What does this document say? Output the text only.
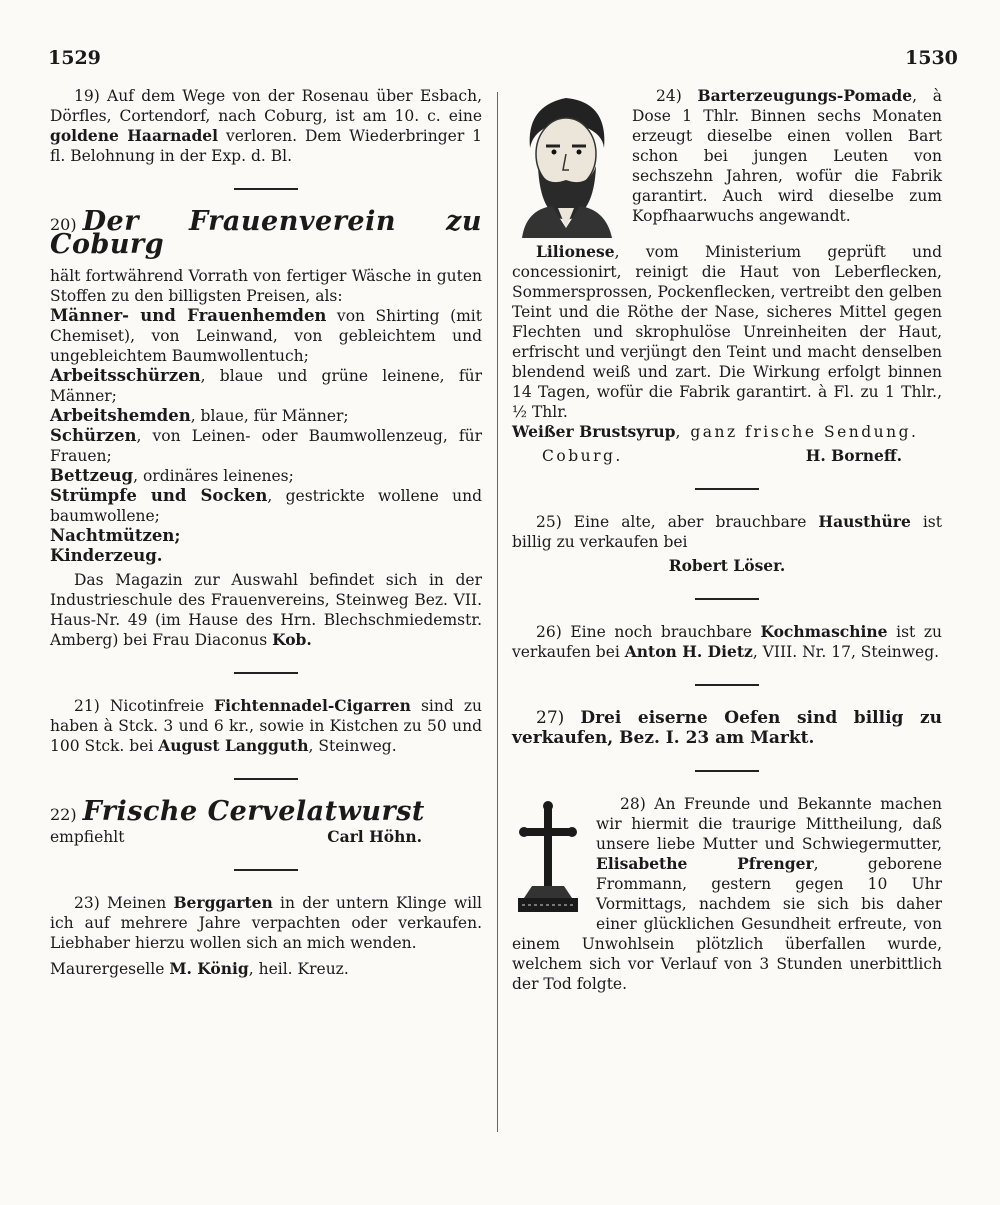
1529	1530

19) Auf dem Wege von der Rosenau über Esbach, Dörfles, Cortendorf, nach Coburg, ist am 10. c. eine goldene Haarnadel verloren. Dem Wiederbringer 1 fl. Belohnung in der Exp. d. Bl.

20) Der Frauenverein zu Coburg

hält fortwährend Vorrath von fertiger Wäsche in guten Stoffen zu den billigsten Preisen, als:

Männer- und Frauenhemden von Shirting (mit Chemiset), von Leinwand, von gebleichtem und ungebleichtem Baumwollentuch;

Arbeitsschürzen, blaue und grüne leinene, für Männer;

Arbeitshemden, blaue, für Männer;

Schürzen, von Leinen- oder Baumwollenzeug, für Frauen;

Bettzeug, ordinäres leinenes;

Strümpfe und Socken, gestrickte wollene und baumwollene;

Nachtmützen;

Kinderzeug.

Das Magazin zur Auswahl befindet sich in der Industrieschule des Frauenvereins, Steinweg Bez. VII. Haus-Nr. 49 (im Hause des Hrn. Blechschmiedemstr. Amberg) bei Frau Diaconus Kob.

21) Nicotinfreie Fichtennadel-Cigarren sind zu haben à Stck. 3 und 6 kr., sowie in Kistchen zu 50 und 100 Stck. bei August Langguth, Steinweg.

22) Frische Cervelatwurst

empfiehlt	Carl Höhn.

23) Meinen Berggarten in der untern Klinge will ich auf mehrere Jahre verpachten oder verkaufen. Liebhaber hierzu wollen sich an mich wenden.

Maurergeselle M. König, heil. Kreuz.

24) Barterzeugungs-Pomade, à Dose 1 Thlr. Binnen sechs Monaten erzeugt dieselbe einen vollen Bart schon bei jungen Leuten von sechszehn Jahren, wofür die Fabrik garantirt. Auch wird dieselbe zum Kopfhaarwuchs angewandt.

Lilionese, vom Ministerium geprüft und concessionirt, reinigt die Haut von Leberflecken, Sommersprossen, Pockenflecken, vertreibt den gelben Teint und die Röthe der Nase, sicheres Mittel gegen Flechten und skrophulöse Unreinheiten der Haut, erfrischt und verjüngt den Teint und macht denselben blendend weiß und zart. Die Wirkung erfolgt binnen 14 Tagen, wofür die Fabrik garantirt. à Fl. zu 1 Thlr., ½ Thlr.

Weißer Brustsyrup, ganz frische Sendung.

Coburg.	H. Borneff.

25) Eine alte, aber brauchbare Hausthüre ist billig zu verkaufen bei

Robert Löser.

26) Eine noch brauchbare Kochmaschine ist zu verkaufen bei Anton H. Dietz, VIII. Nr. 17, Steinweg.

27) Drei eiserne Oefen sind billig zu verkaufen, Bez. I. 23 am Markt.

28) An Freunde und Bekannte machen wir hiermit die traurige Mittheilung, daß unsere liebe Mutter und Schwiegermutter, Elisabethe Pfrenger, geborene Frommann, gestern gegen 10 Uhr Vormittags, nachdem sie sich bis daher einer glücklichen Gesundheit erfreute, von einem Unwohlsein plötzlich überfallen wurde, welchem sich vor Verlauf von 3 Stunden unerbittlich der Tod folgte.
